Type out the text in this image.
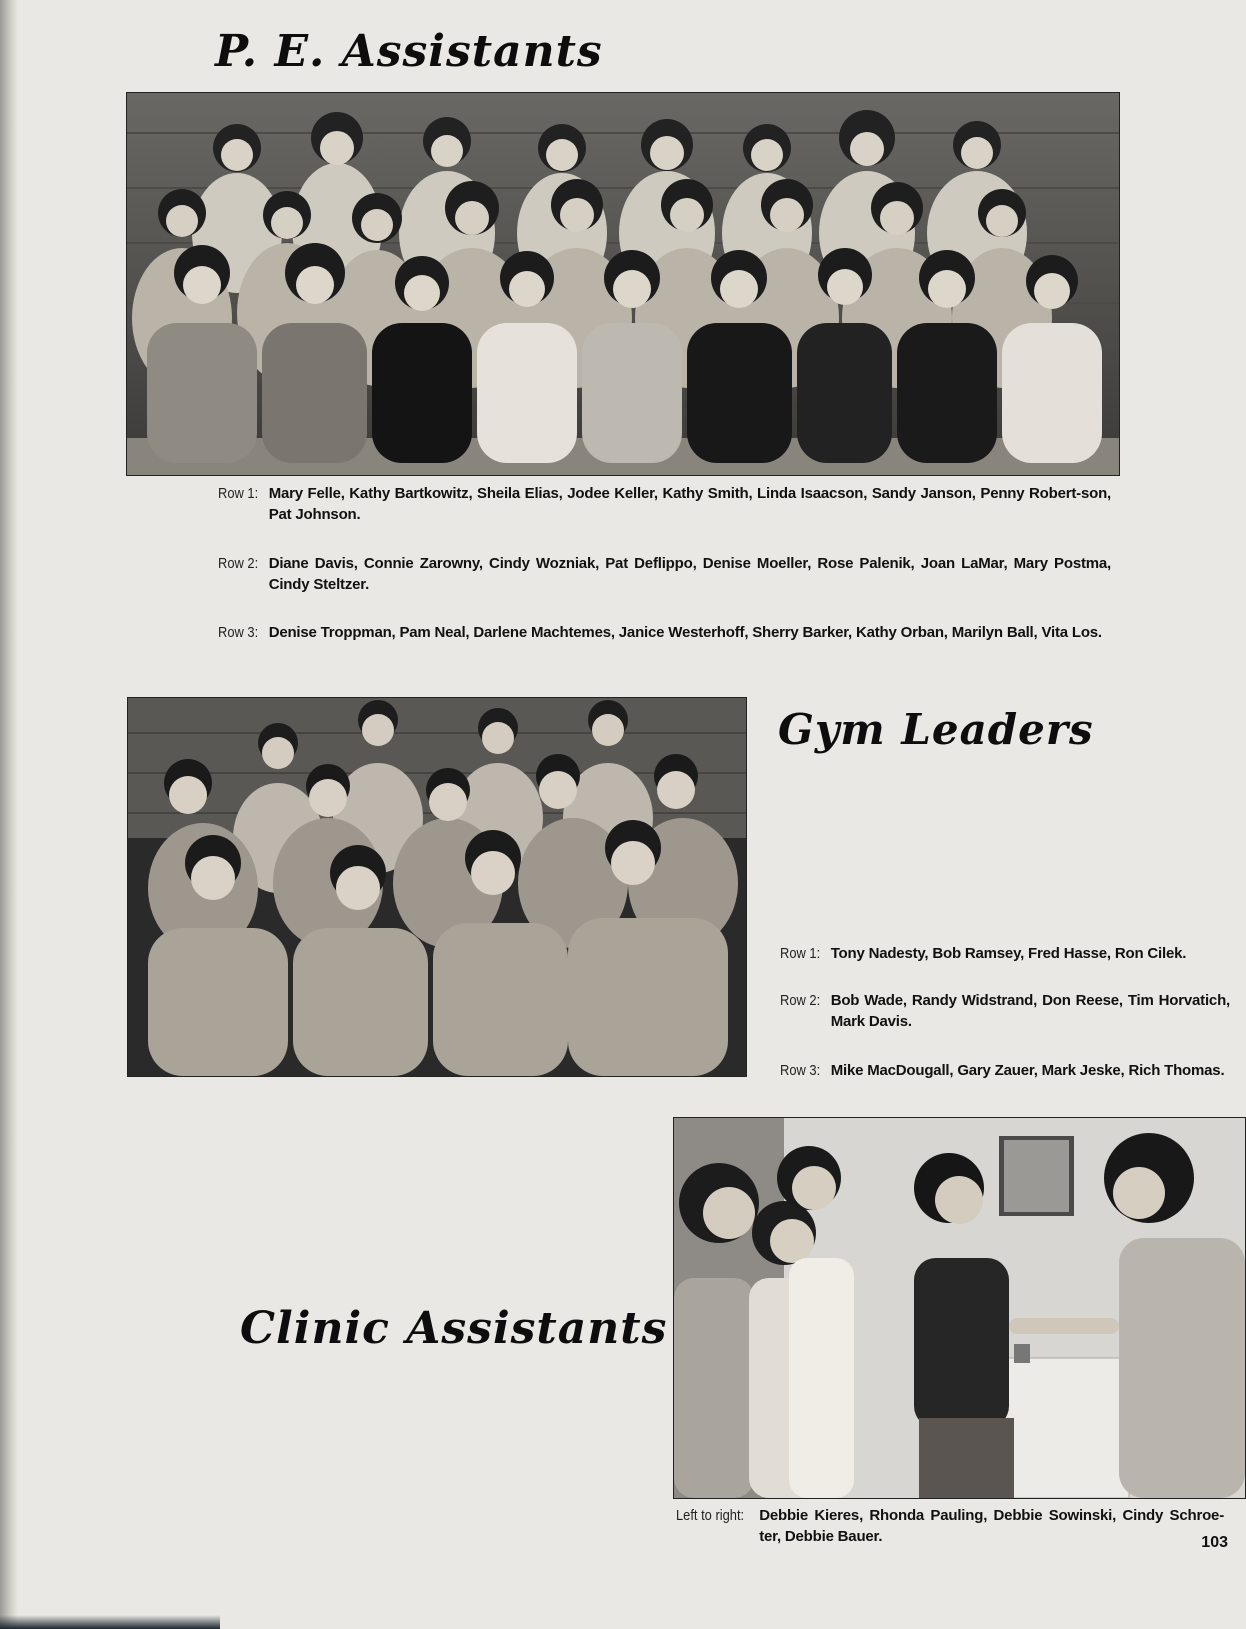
P. E. Assistants
Row 1: Mary Felle, Kathy Bartkowitz, Sheila Elias, Jodee Keller, Kathy Smith, Linda Isaacson, Sandy Janson, Penny Robert-son, Pat Johnson.
Row 2: Diane Davis, Connie Zarowny, Cindy Wozniak, Pat Deflippo, Denise Moeller, Rose Palenik, Joan LaMar, Mary Postma, Cindy Steltzer.
Row 3: Denise Troppman, Pam Neal, Darlene Machtemes, Janice Westerhoff, Sherry Barker, Kathy Orban, Marilyn Ball, Vita Los.
Gym Leaders
Row 1: Tony Nadesty, Bob Ramsey, Fred Hasse, Ron Cilek.
Row 2: Bob Wade, Randy Widstrand, Don Reese, Tim Horvatich, Mark Davis.
Row 3: Mike MacDougall, Gary Zauer, Mark Jeske, Rich Thomas.
Clinic Assistants
Left to right: Debbie Kieres, Rhonda Pauling, Debbie Sowinski, Cindy Schroe-ter, Debbie Bauer.	103
